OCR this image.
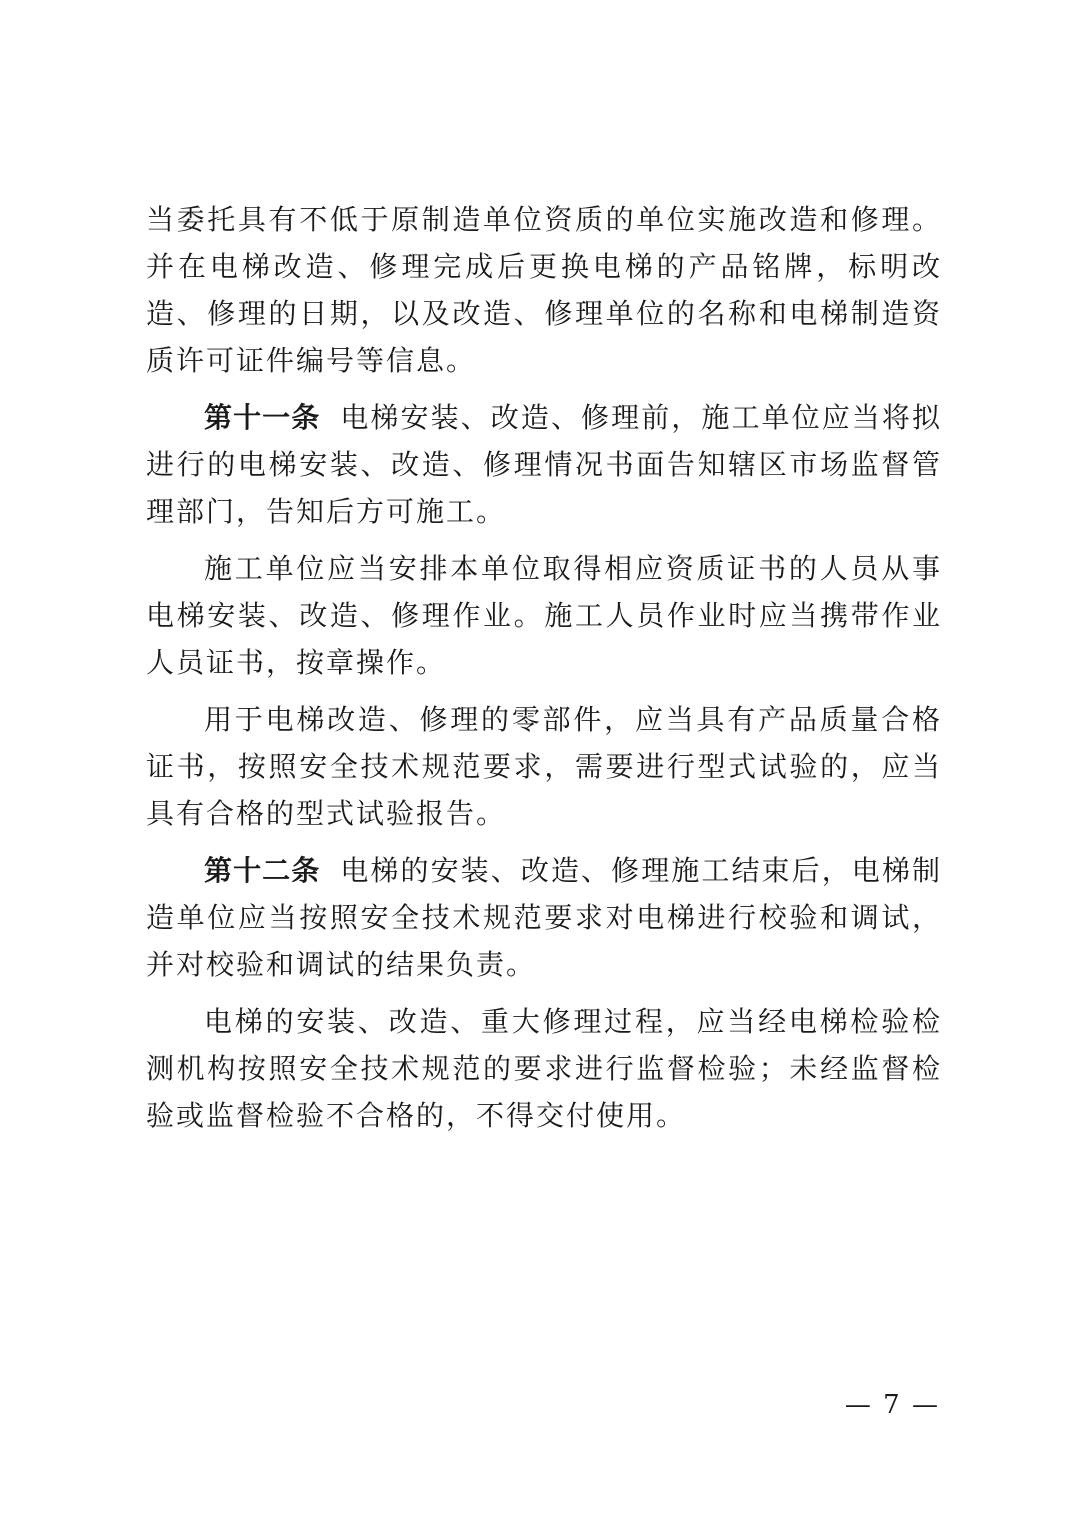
当委托具有不低于原制造单位资质的单位实施改造和修理。并在电梯改造、修理完成后更换电梯的产品铭牌，标明改造、修理的日期，以及改造、修理单位的名称和电梯制造资质许可证件编号等信息。

第十一条 电梯安装、改造、修理前，施工单位应当将拟进行的电梯安装、改造、修理情况书面告知辖区市场监督管理部门，告知后方可施工。

施工单位应当安排本单位取得相应资质证书的人员从事电梯安装、改造、修理作业。施工人员作业时应当携带作业人员证书，按章操作。

用于电梯改造、修理的零部件，应当具有产品质量合格证书，按照安全技术规范要求，需要进行型式试验的，应当具有合格的型式试验报告。

第十二条 电梯的安装、改造、修理施工结束后，电梯制造单位应当按照安全技术规范要求对电梯进行校验和调试，并对校验和调试的结果负责。

电梯的安装、改造、重大修理过程，应当经电梯检验检测机构按照安全技术规范的要求进行监督检验；未经监督检验或监督检验不合格的，不得交付使用。

— 7 —
